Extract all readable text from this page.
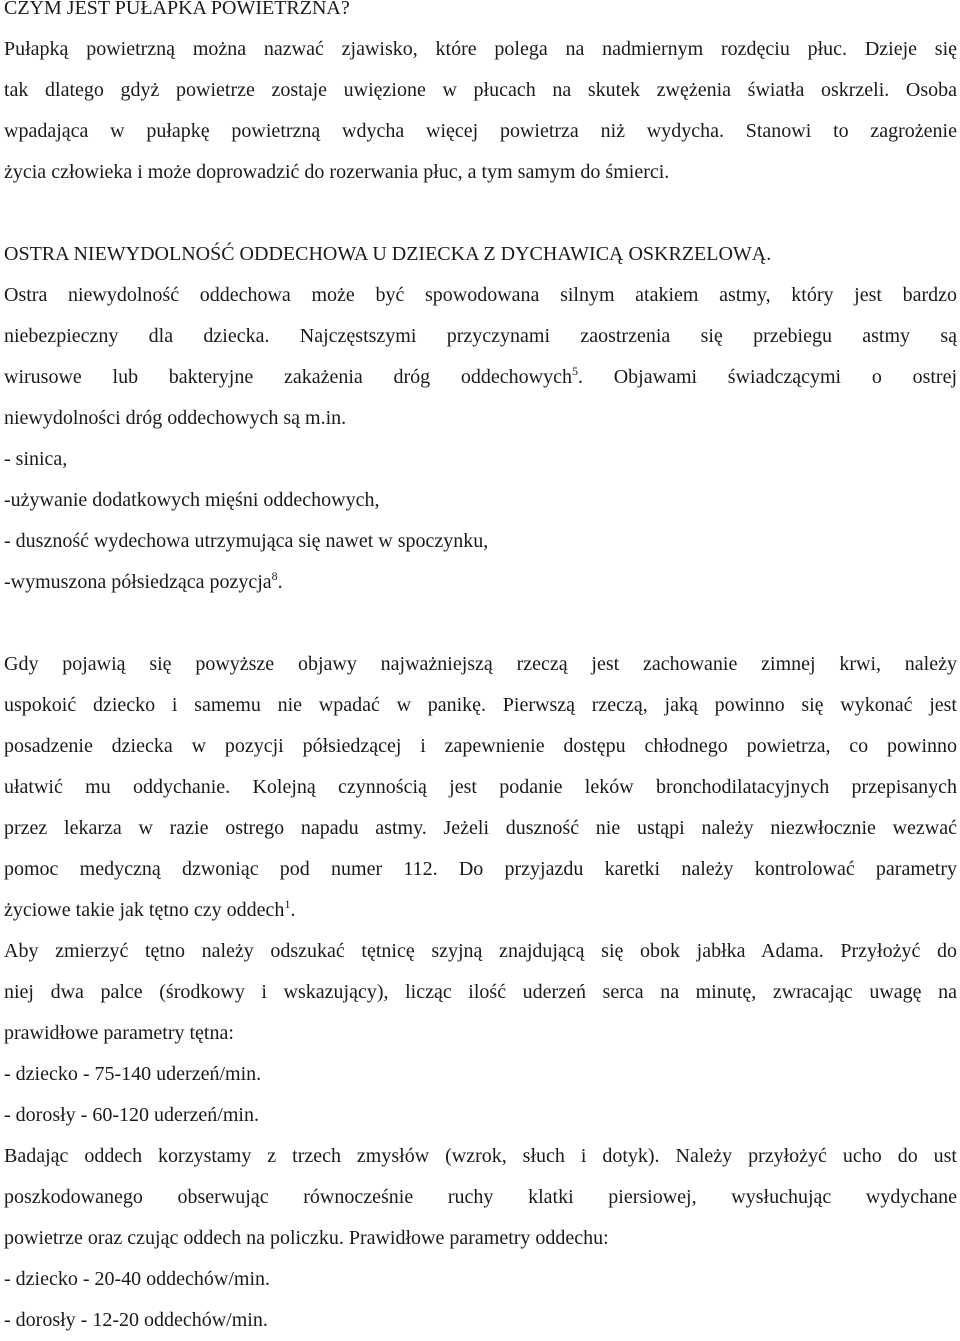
CZYM JEST PUŁAPKA POWIETRZNA?
Pułapką powietrzną można nazwać zjawisko, które polega na nadmiernym rozdęciu płuc. Dzieje się
tak dlatego gdyż powietrze zostaje uwięzione w płucach na skutek zwężenia światła oskrzeli. Osoba
wpadająca w pułapkę powietrzną wdycha więcej powietrza niż wydycha. Stanowi to zagrożenie
życia człowieka i może doprowadzić do rozerwania płuc, a tym samym do śmierci.
OSTRA NIEWYDOLNOŚĆ ODDECHOWA U DZIECKA Z DYCHAWICĄ OSKRZELOWĄ.
Ostra niewydolność oddechowa może być spowodowana silnym atakiem astmy, który jest bardzo
niebezpieczny dla dziecka. Najczęstszymi przyczynami zaostrzenia się przebiegu astmy są
wirusowe lub bakteryjne zakażenia dróg oddechowych$^5$. Objawami świadczącymi o ostrej
niewydolności dróg oddechowych są m.in.
- sinica,
-używanie dodatkowych mięśni oddechowych,
- duszność wydechowa utrzymująca się nawet w spoczynku,
-wymuszona półsiedząca pozycja$^8$.
Gdy pojawią się powyższe objawy najważniejszą rzeczą jest zachowanie zimnej krwi, należy
uspokoić dziecko i samemu nie wpadać w panikę. Pierwszą rzeczą, jaką powinno się wykonać jest
posadzenie dziecka w pozycji półsiedzącej i zapewnienie dostępu chłodnego powietrza, co powinno
ułatwić mu oddychanie. Kolejną czynnością jest podanie leków bronchodilatacyjnych przepisanych
przez lekarza w razie ostrego napadu astmy. Jeżeli duszność nie ustąpi należy niezwłocznie wezwać
pomoc medyczną dzwoniąc pod numer 112. Do przyjazdu karetki należy kontrolować parametry
życiowe takie jak tętno czy oddech$^1$.
Aby zmierzyć tętno należy odszukać tętnicę szyjną znajdującą się obok jabłka Adama. Przyłożyć do
niej dwa palce (środkowy i wskazujący), licząc ilość uderzeń serca na minutę, zwracając uwagę na
prawidłowe parametry tętna:
- dziecko - 75-140 uderzeń/min.
- dorosły - 60-120 uderzeń/min.
Badając oddech korzystamy z trzech zmysłów (wzrok, słuch i dotyk). Należy przyłożyć ucho do ust
poszkodowanego obserwując równocześnie ruchy klatki piersiowej, wysłuchując wydychane
powietrze oraz czując oddech na policzku. Prawidłowe parametry oddechu:
- dziecko - 20-40 oddechów/min.
- dorosły - 12-20 oddechów/min.
